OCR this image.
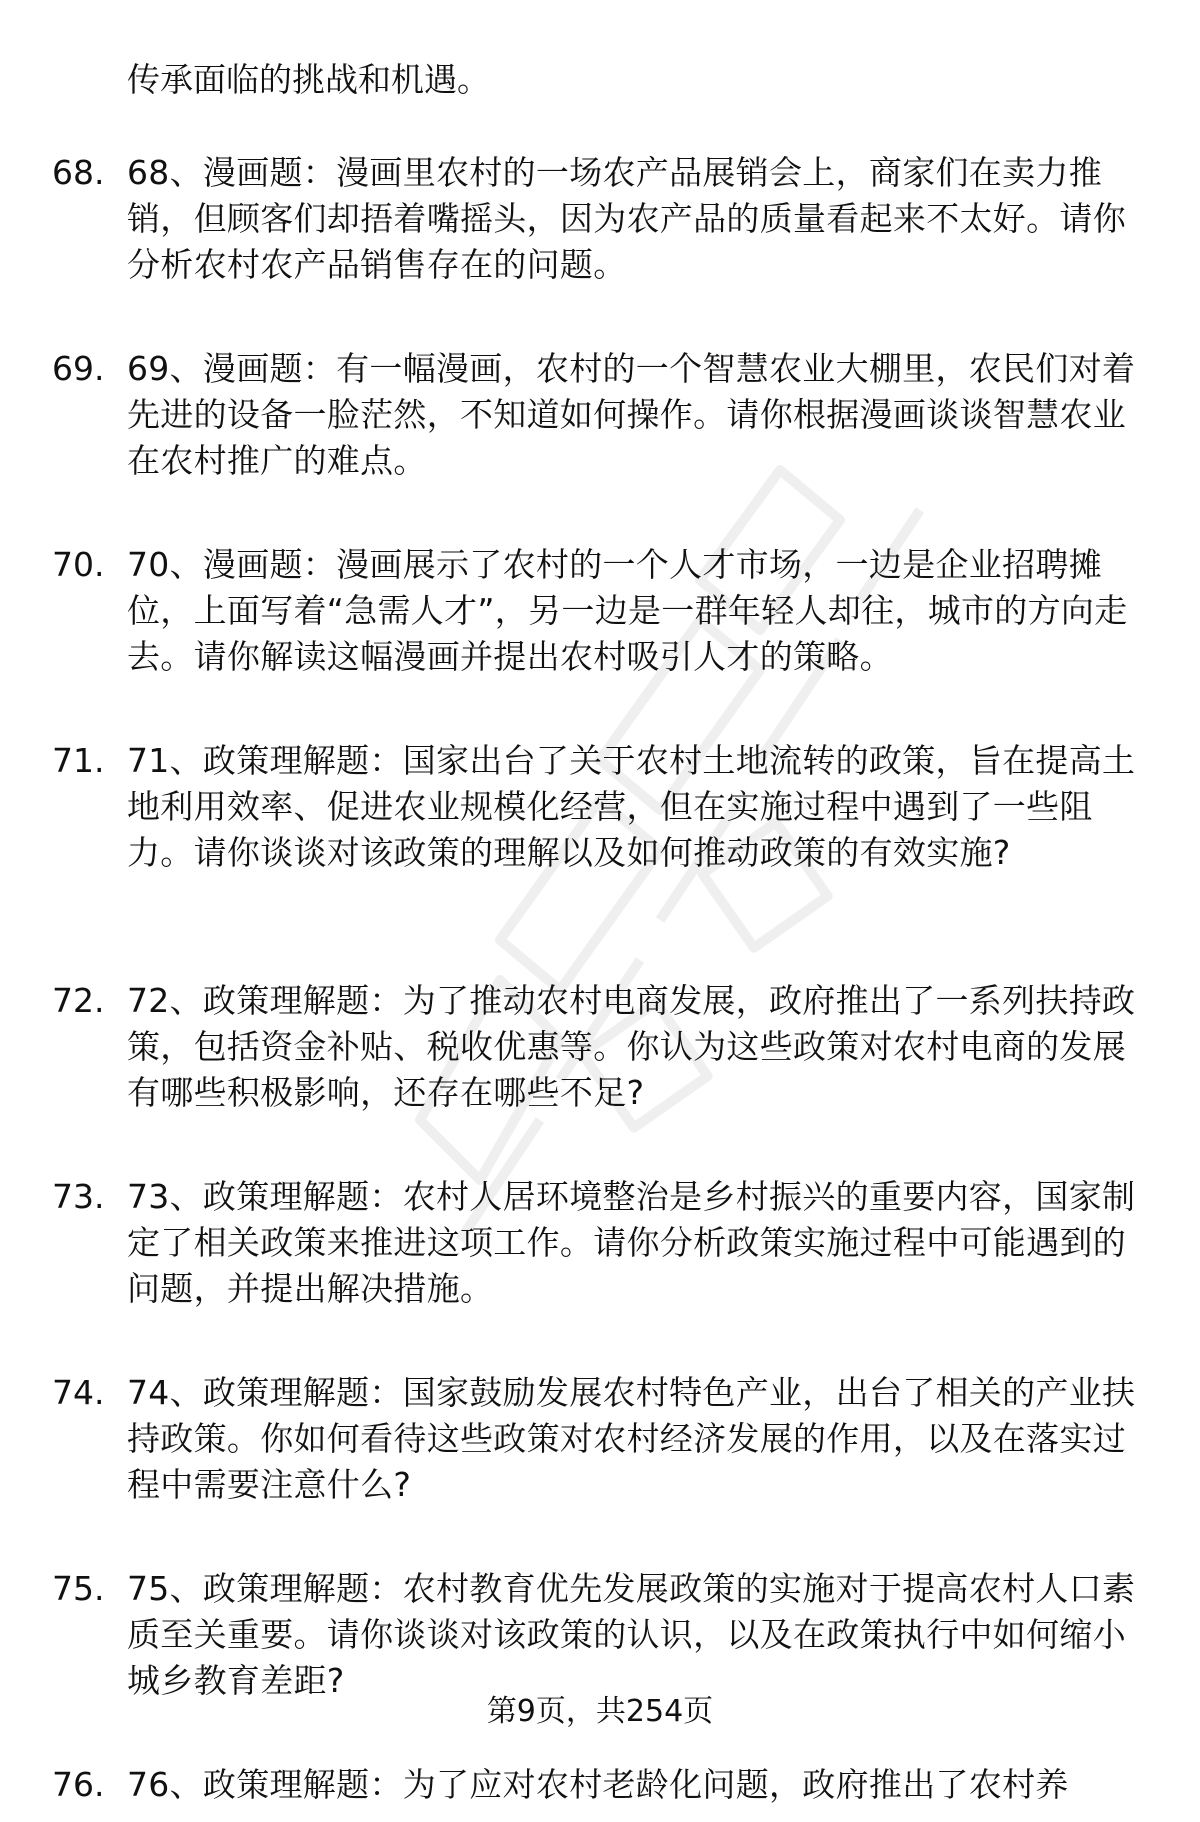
传承面临的挑战和机遇。
68. 68、漫画题：漫画里农村的一场农产品展销会上，商家们在卖力推销，但顾客们却捂着嘴摇头，因为农产品的质量看起来不太好。请你分析农村农产品销售存在的问题。
69. 69、漫画题：有一幅漫画，农村的一个智慧农业大棚里，农民们对着先进的设备一脸茫然，不知道如何操作。请你根据漫画谈谈智慧农业在农村推广的难点。
70. 70、漫画题：漫画展示了农村的一个人才市场，一边是企业招聘摊位，上面写着“急需人才”，另一边是一群年轻人却往，城市的方向走去。请你解读这幅漫画并提出农村吸引人才的策略。
71. 71、政策理解题：国家出台了关于农村土地流转的政策，旨在提高土地利用效率、促进农业规模化经营，但在实施过程中遇到了一些阻力。请你谈谈对该政策的理解以及如何推动政策的有效实施?
72. 72、政策理解题：为了推动农村电商发展，政府推出了一系列扶持政策，包括资金补贴、税收优惠等。你认为这些政策对农村电商的发展有哪些积极影响，还存在哪些不足?
73. 73、政策理解题：农村人居环境整治是乡村振兴的重要内容，国家制定了相关政策来推进这项工作。请你分析政策实施过程中可能遇到的问题，并提出解决措施。
74. 74、政策理解题：国家鼓励发展农村特色产业，出台了相关的产业扶持政策。你如何看待这些政策对农村经济发展的作用，以及在落实过程中需要注意什么?
75. 75、政策理解题：农村教育优先发展政策的实施对于提高农村人口素质至关重要。请你谈谈对该政策的认识，以及在政策执行中如何缩小城乡教育差距?
76. 76、政策理解题：为了应对农村老龄化问题，政府推出了农村养
第9页，共254页
